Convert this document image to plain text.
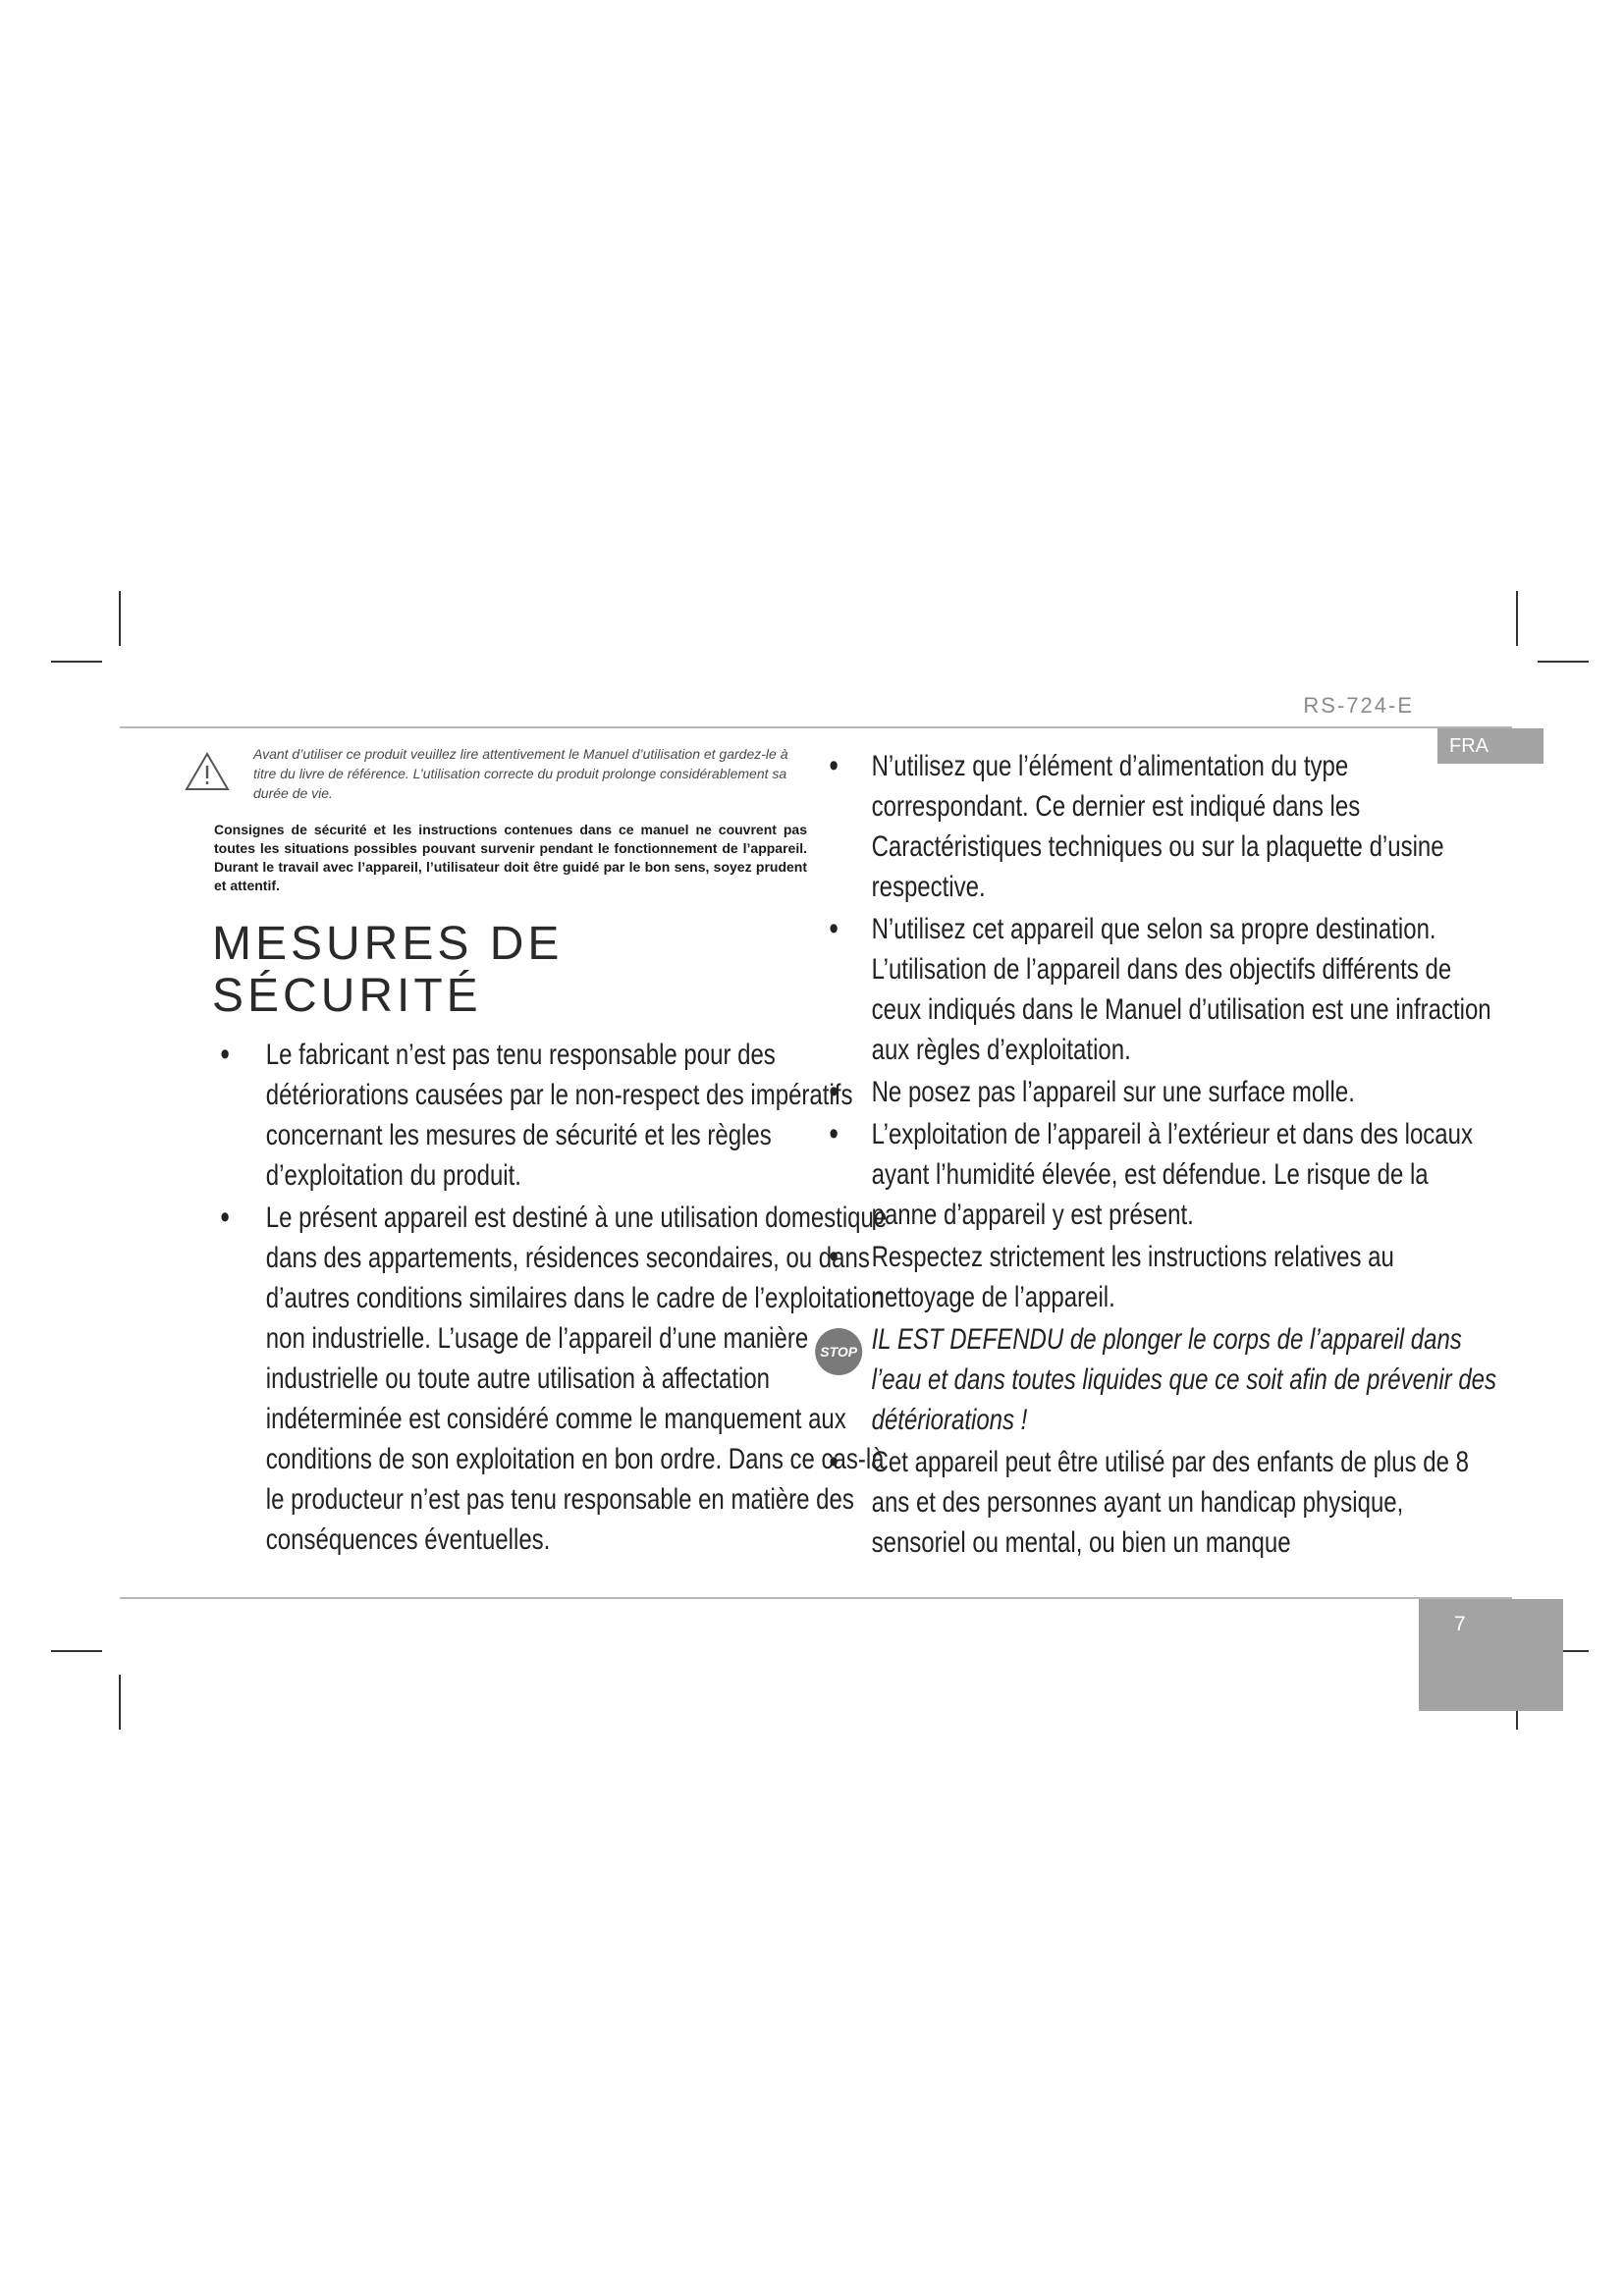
RS-724-E
FRA

Avant d’utiliser ce produit veuillez lire attentivement le Manuel d’utilisation et gardez-le à titre du livre de référence. L’utilisation correcte du produit prolonge considérablement sa durée de vie.

Consignes de sécurité et les instructions contenues dans ce manuel ne couvrent pas toutes les situations possibles pouvant survenir pendant le fonctionnement de l’appareil. Durant le travail avec l’appareil, l’utilisateur doit être guidé par le bon sens, soyez prudent et attentif.

MESURES DE SÉCURITÉ
• Le fabricant n’est pas tenu responsable pour des détériorations causées par le non-respect des impératifs concernant les mesures de sécurité et les règles d’exploitation du produit.
• Le présent appareil est destiné à une utilisation domestique dans des appartements, résidences secondaires, ou dans d’autres conditions similaires dans le cadre de l’exploitation non industrielle. L’usage de l’appareil d’une manière industrielle ou toute autre utilisation à affectation indéterminée est considéré comme le manquement aux conditions de son exploitation en bon ordre. Dans ce cas-là le producteur n’est pas tenu responsable en matière des conséquences éventuelles.
• N’utilisez que l’élément d’alimentation du type correspondant. Ce dernier est indiqué dans les Caractéristiques techniques ou sur la plaquette d’usine respective.
• N’utilisez cet appareil que selon sa propre destination. L’utilisation de l’appareil dans des objectifs différents de ceux indiqués dans le Manuel d’utilisation est une infraction aux règles d’exploitation.
• Ne posez pas l’appareil sur une surface molle.
• L’exploitation de l’appareil à l’extérieur et dans des locaux ayant l’humidité élevée, est défendue. Le risque de la panne d’appareil y est présent.
• Respectez strictement les instructions relatives au nettoyage de l’appareil.
STOP IL EST DEFENDU de plonger le corps de l’appareil dans l’eau et dans toutes liquides que ce soit afin de prévenir des détériorations !
• Cet appareil peut être utilisé par des enfants de plus de 8 ans et des personnes ayant un handicap physique, sensoriel ou mental, ou bien un manque
7
